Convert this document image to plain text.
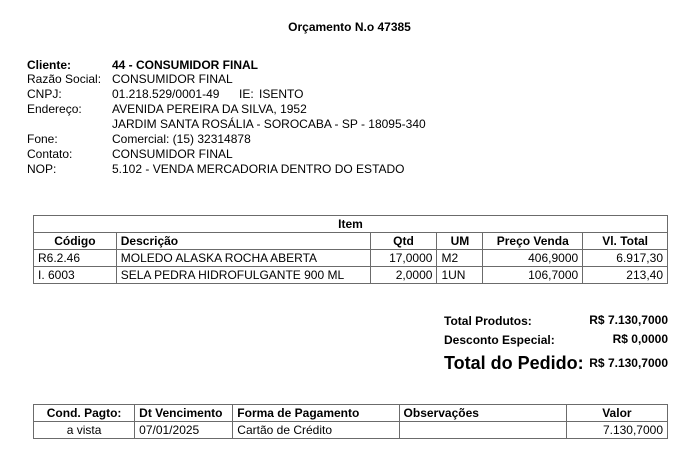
Orçamento N.o 47385
Cliente:	44 - CONSUMIDOR FINAL
Razão Social: CONSUMIDOR FINAL
CNPJ:	01.218.529/0001-49 IE: ISENTO
Endereço:	AVENIDA PEREIRA DA SILVA, 1952
JARDIM SANTA ROSÁLIA - SOROCABA - SP - 18095-340
Fone:	Comercial: (15) 32314878
Contato:	CONSUMIDOR FINAL
NOP:	5.102 - VENDA MERCADORIA DENTRO DO ESTADO
Item					
Código	Descrição	Qtd	UM	Preço Venda	Vl. Total
R6.2.46	MOLEDO ALASKA ROCHA ABERTA	17,0000	M2	406,9000	6.917,30
I. 6003	SELA PEDRA HIDROFULGANTE 900 ML	2,0000	1UN	106,7000	213,40
Total Produtos:	R$ 7.130,7000
Desconto Especial:	R$ 0,0000
Total do Pedido: R$ 7.130,7000
Cond. Pagto:	Dt Vencimento	Forma de Pagamento	Observações	Valor
a vista	07/01/2025	Cartão de Crédito		7.130,7000
